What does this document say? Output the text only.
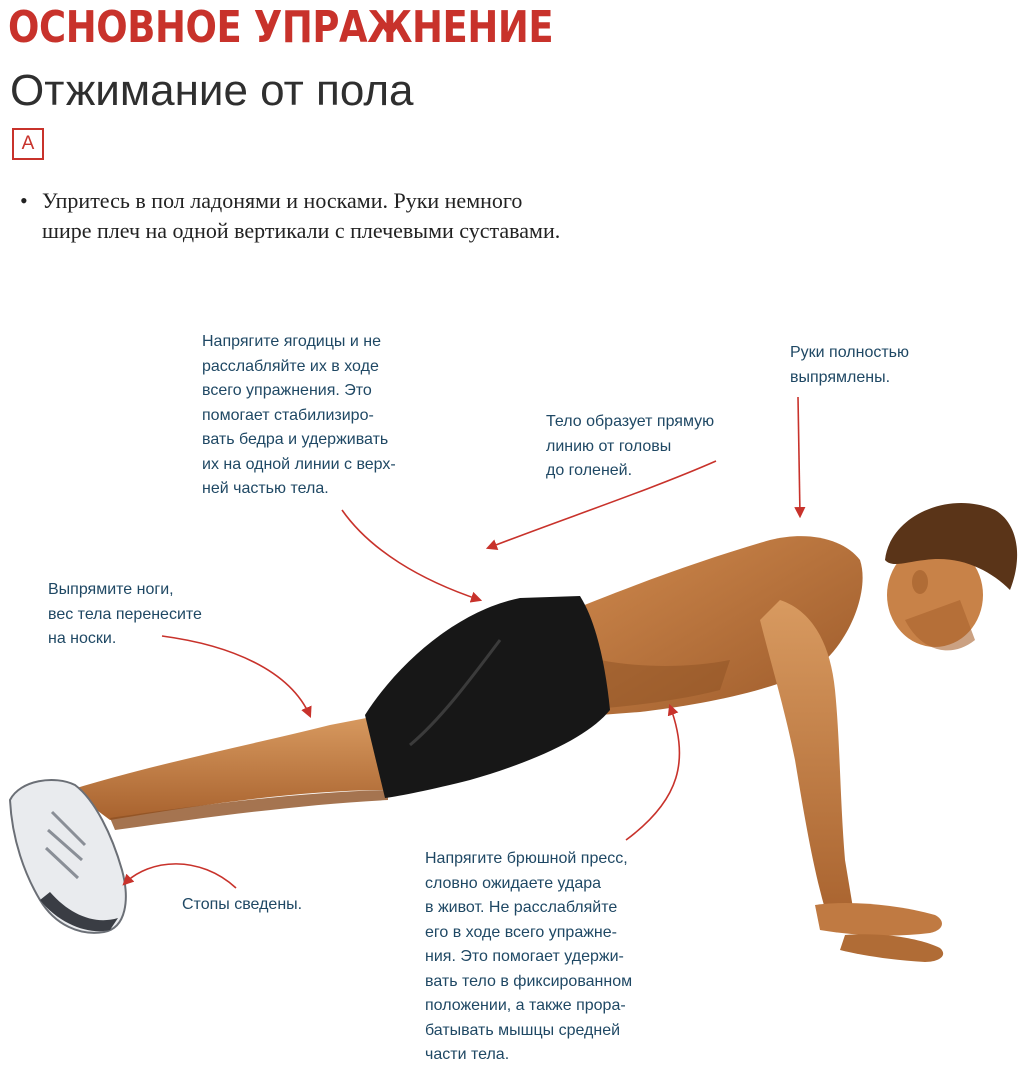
ОСНОВНОЕ УПРАЖНЕНИЕ
Отжимание от пола
A
• Упритесь в пол ладонями и носками. Руки немного
шире плеч на одной вертикали с плечевыми суставами.
Напрягите ягодицы и не
расслабляйте их в ходе
всего упражнения. Это
помогает стабилизиро-
вать бедра и удерживать
их на одной линии с верх-
ней частью тела.
Руки полностью
выпрямлены.
Тело образует прямую
линию от головы
до голеней.
Выпрямите ноги,
вес тела перенесите
на носки.
Стопы сведены.
Напрягите брюшной пресс,
словно ожидаете удара
в живот. Не расслабляйте
его в ходе всего упражне-
ния. Это помогает удержи-
вать тело в фиксированном
положении, а также прора-
батывать мышцы средней
части тела.
